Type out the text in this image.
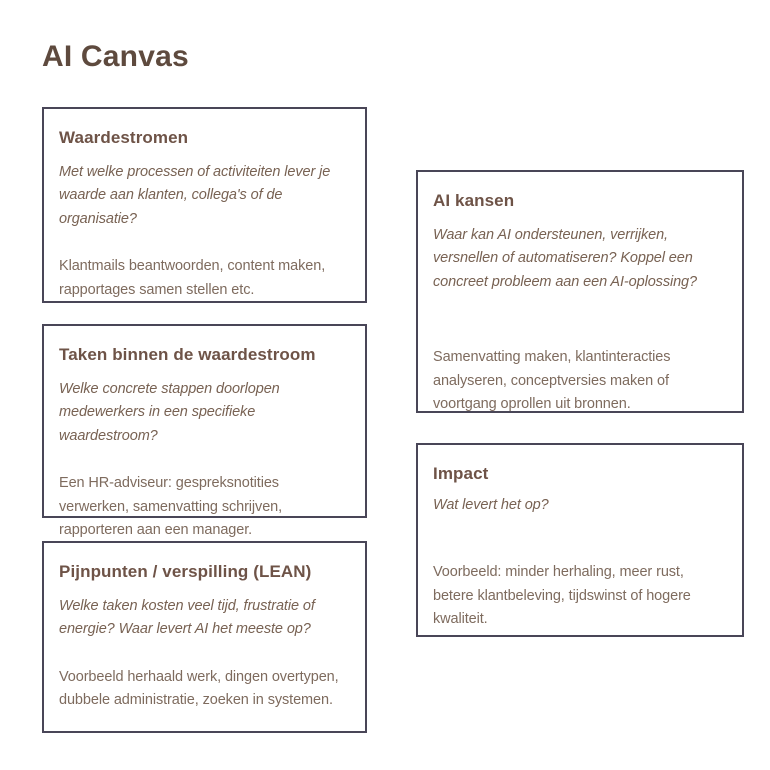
AI Canvas
Waardestromen
Met welke processen of activiteiten lever je waarde aan klanten, collega's of de organisatie?
Klantmails beantwoorden, content maken, rapportages samen stellen etc.
Taken binnen de waardestroom
Welke concrete stappen doorlopen medewerkers in een specifieke waardestroom?
Een HR-adviseur: gespreksnotities verwerken, samenvatting schrijven, rapporteren aan een manager.
Pijnpunten / verspilling (LEAN)
Welke taken kosten veel tijd, frustratie of energie? Waar levert AI het meeste op?
Voorbeeld herhaald werk, dingen overtypen, dubbele administratie, zoeken in systemen.
AI kansen
Waar kan AI ondersteunen, verrijken, versnellen of automatiseren? Koppel een concreet probleem aan een AI-oplossing?
Samenvatting maken, klantinteracties analyseren, conceptversies maken of voortgang oprollen uit bronnen.
Impact
Wat levert het op?
Voorbeeld: minder herhaling, meer rust, betere klantbeleving, tijdswinst of hogere kwaliteit.
